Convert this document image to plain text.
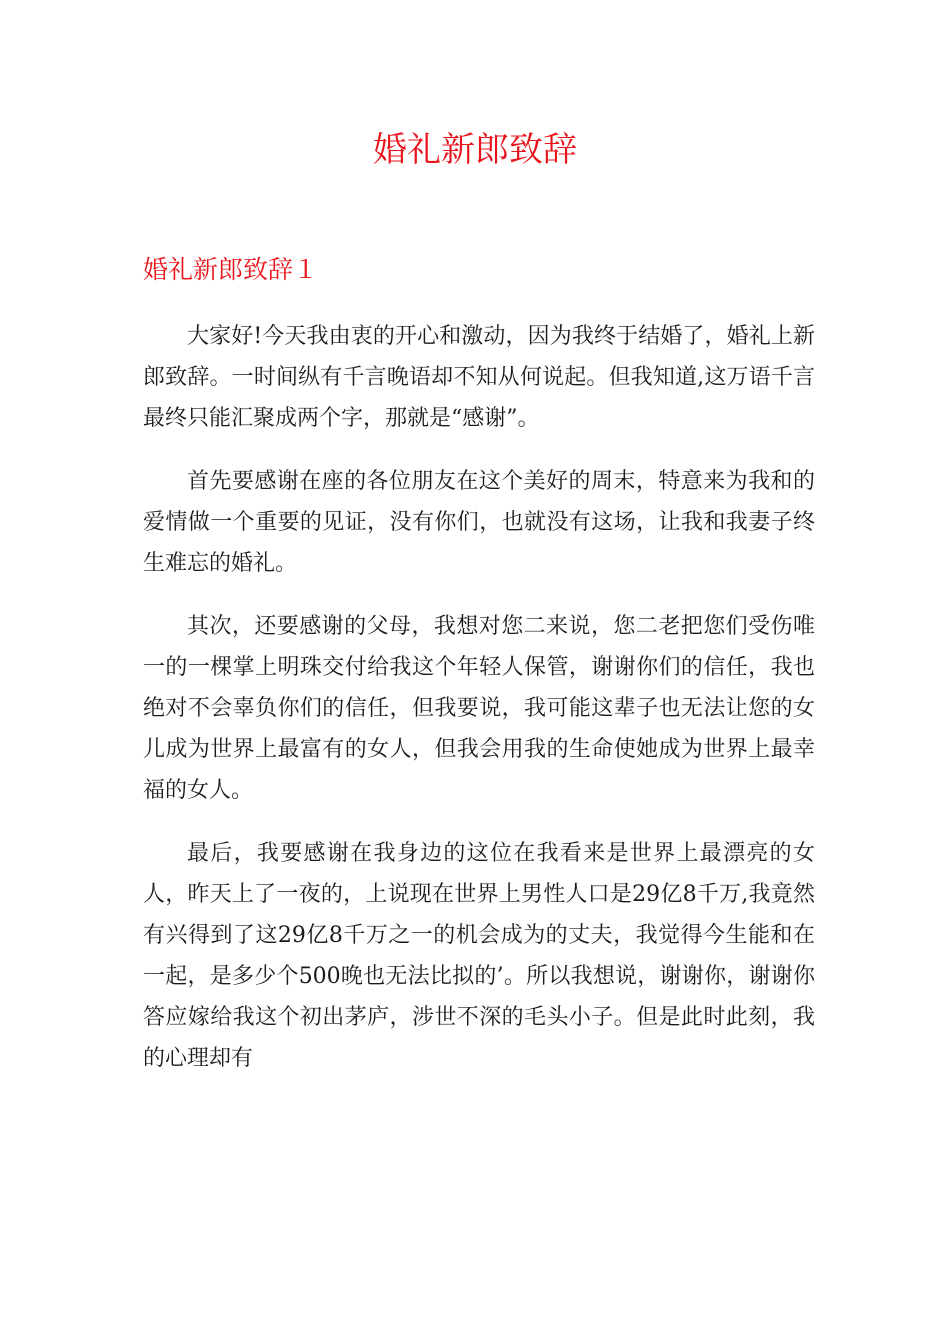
婚礼新郎致辞
婚礼新郎致辞１

大家好!今天我由衷的开心和激动，因为我终于结婚了，婚礼上新郎致辞。一时间纵有千言晚语却不知从何说起。但我知道,这万语千言最终只能汇聚成两个字，那就是“感谢”。

首先要感谢在座的各位朋友在这个美好的周末，特意来为我和的爱情做一个重要的见证，没有你们，也就没有这场，让我和我妻子终生难忘的婚礼。

其次，还要感谢的父母，我想对您二来说，您二老把您们受伤唯一的一棵掌上明珠交付给我这个年轻人保管，谢谢你们的信任，我也绝对不会辜负你们的信任，但我要说，我可能这辈子也无法让您的女儿成为世界上最富有的女人，但我会用我的生命使她成为世界上最幸福的女人。

最后，我要感谢在我身边的这位在我看来是世界上最漂亮的女人，昨天上了一夜的，上说现在世界上男性人口是29亿8千万,我竟然有兴得到了这29亿8千万之一的机会成为的丈夫，我觉得今生能和在一起，是多少个500晚也无法比拟的’。所以我想说，谢谢你，谢谢你答应嫁给我这个初出茅庐，涉世不深的毛头小子。但是此时此刻，我的心理却有
